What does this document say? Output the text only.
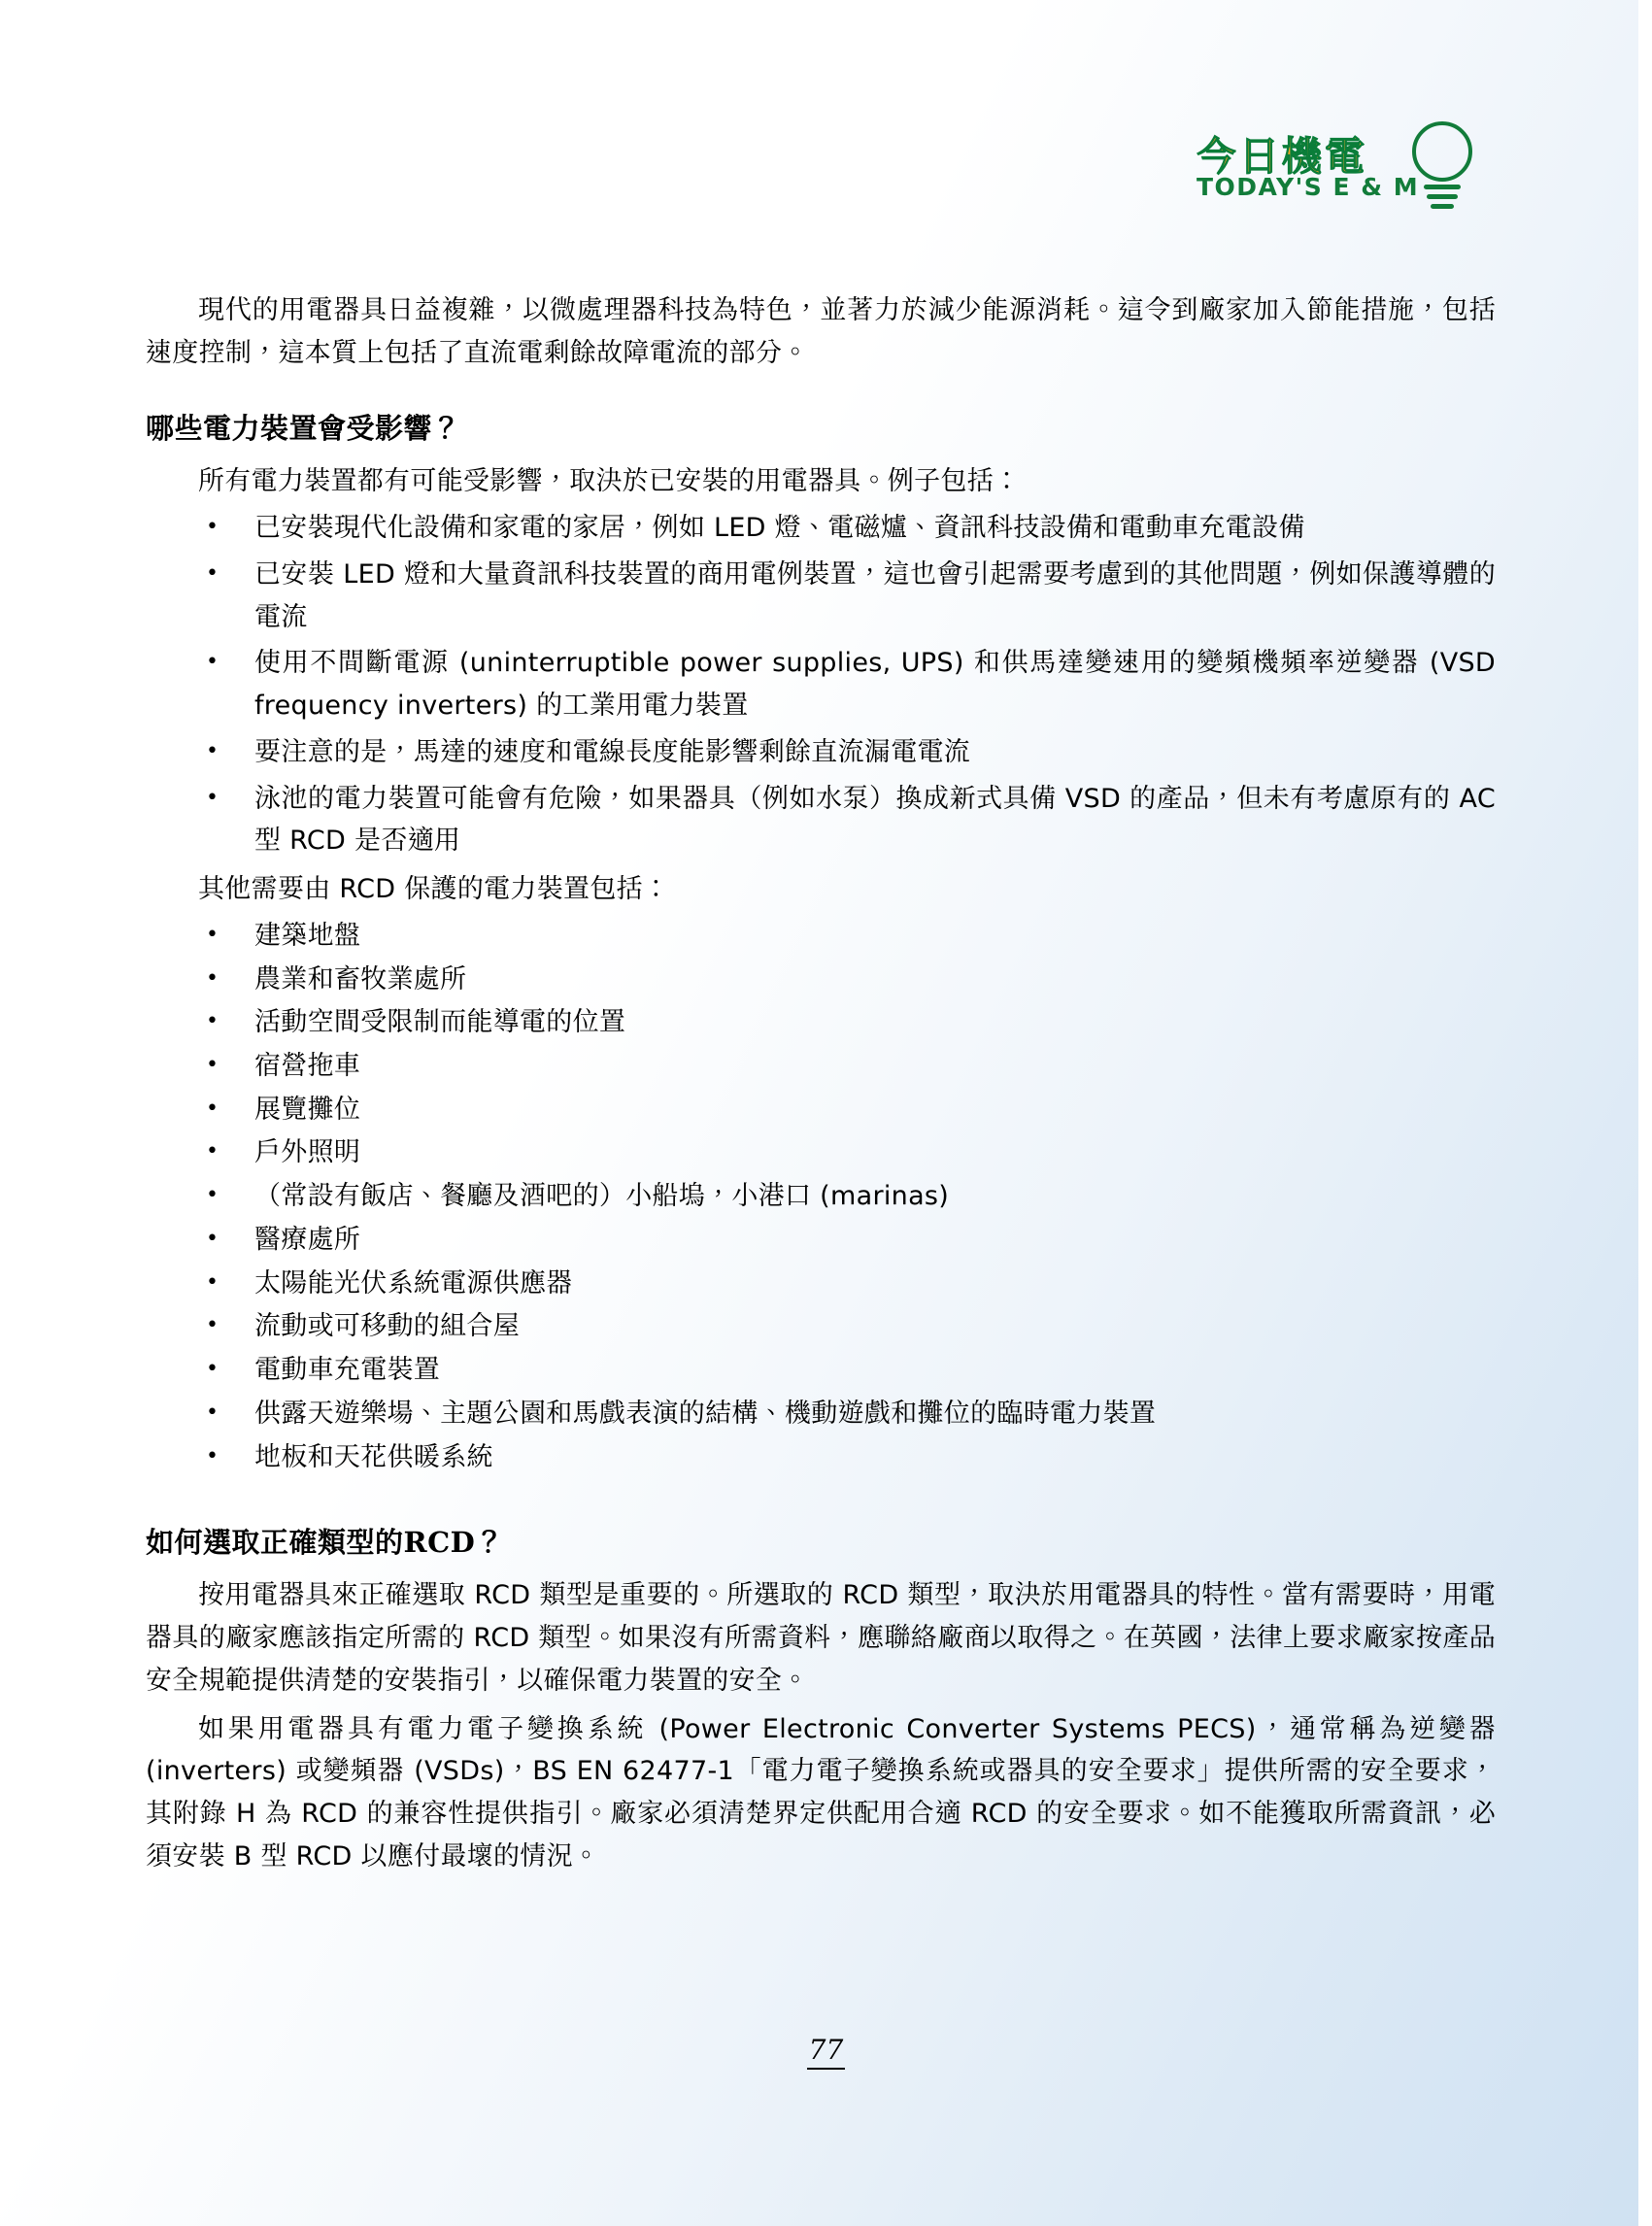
今日機電
TODAY'S E & M

現代的用電器具日益複雜，以微處理器科技為特色，並著力於減少能源消耗。這令到廠家加入節能措施，包括速度控制，這本質上包括了直流電剩餘故障電流的部分。

哪些電力裝置會受影響？

所有電力裝置都有可能受影響，取決於已安裝的用電器具。例子包括：

• 已安裝現代化設備和家電的家居，例如 LED 燈、電磁爐、資訊科技設備和電動車充電設備
• 已安裝 LED 燈和大量資訊科技裝置的商用電例裝置，這也會引起需要考慮到的其他問題，例如保護導體的電流
• 使用不間斷電源 (uninterruptible power supplies, UPS) 和供馬達變速用的變頻機頻率逆變器 (VSD frequency inverters) 的工業用電力裝置
• 要注意的是，馬達的速度和電線長度能影響剩餘直流漏電電流
• 泳池的電力裝置可能會有危險，如果器具（例如水泵）換成新式具備 VSD 的產品，但未有考慮原有的 AC 型 RCD 是否適用

其他需要由 RCD 保護的電力裝置包括：

• 建築地盤
• 農業和畜牧業處所
• 活動空間受限制而能導電的位置
• 宿營拖車
• 展覽攤位
• 戶外照明
• （常設有飯店、餐廳及酒吧的）小船塢，小港口 (marinas)
• 醫療處所
• 太陽能光伏系統電源供應器
• 流動或可移動的組合屋
• 電動車充電裝置
• 供露天遊樂場、主題公園和馬戲表演的結構、機動遊戲和攤位的臨時電力裝置
• 地板和天花供暖系統
如何選取正確類型的RCD？

按用電器具來正確選取 RCD 類型是重要的。所選取的 RCD 類型，取決於用電器具的特性。當有需要時，用電器具的廠家應該指定所需的 RCD 類型。如果沒有所需資料，應聯絡廠商以取得之。在英國，法律上要求廠家按產品安全規範提供清楚的安裝指引，以確保電力裝置的安全。

如果用電器具有電力電子變換系統 (Power Electronic Converter Systems PECS)，通常稱為逆變器 (inverters) 或變頻器 (VSDs)，BS EN 62477-1「電力電子變換系統或器具的安全要求」提供所需的安全要求，其附錄 H 為 RCD 的兼容性提供指引。廠家必須清楚界定供配用合適 RCD 的安全要求。如不能獲取所需資訊，必須安裝 B 型 RCD 以應付最壞的情況。

77
